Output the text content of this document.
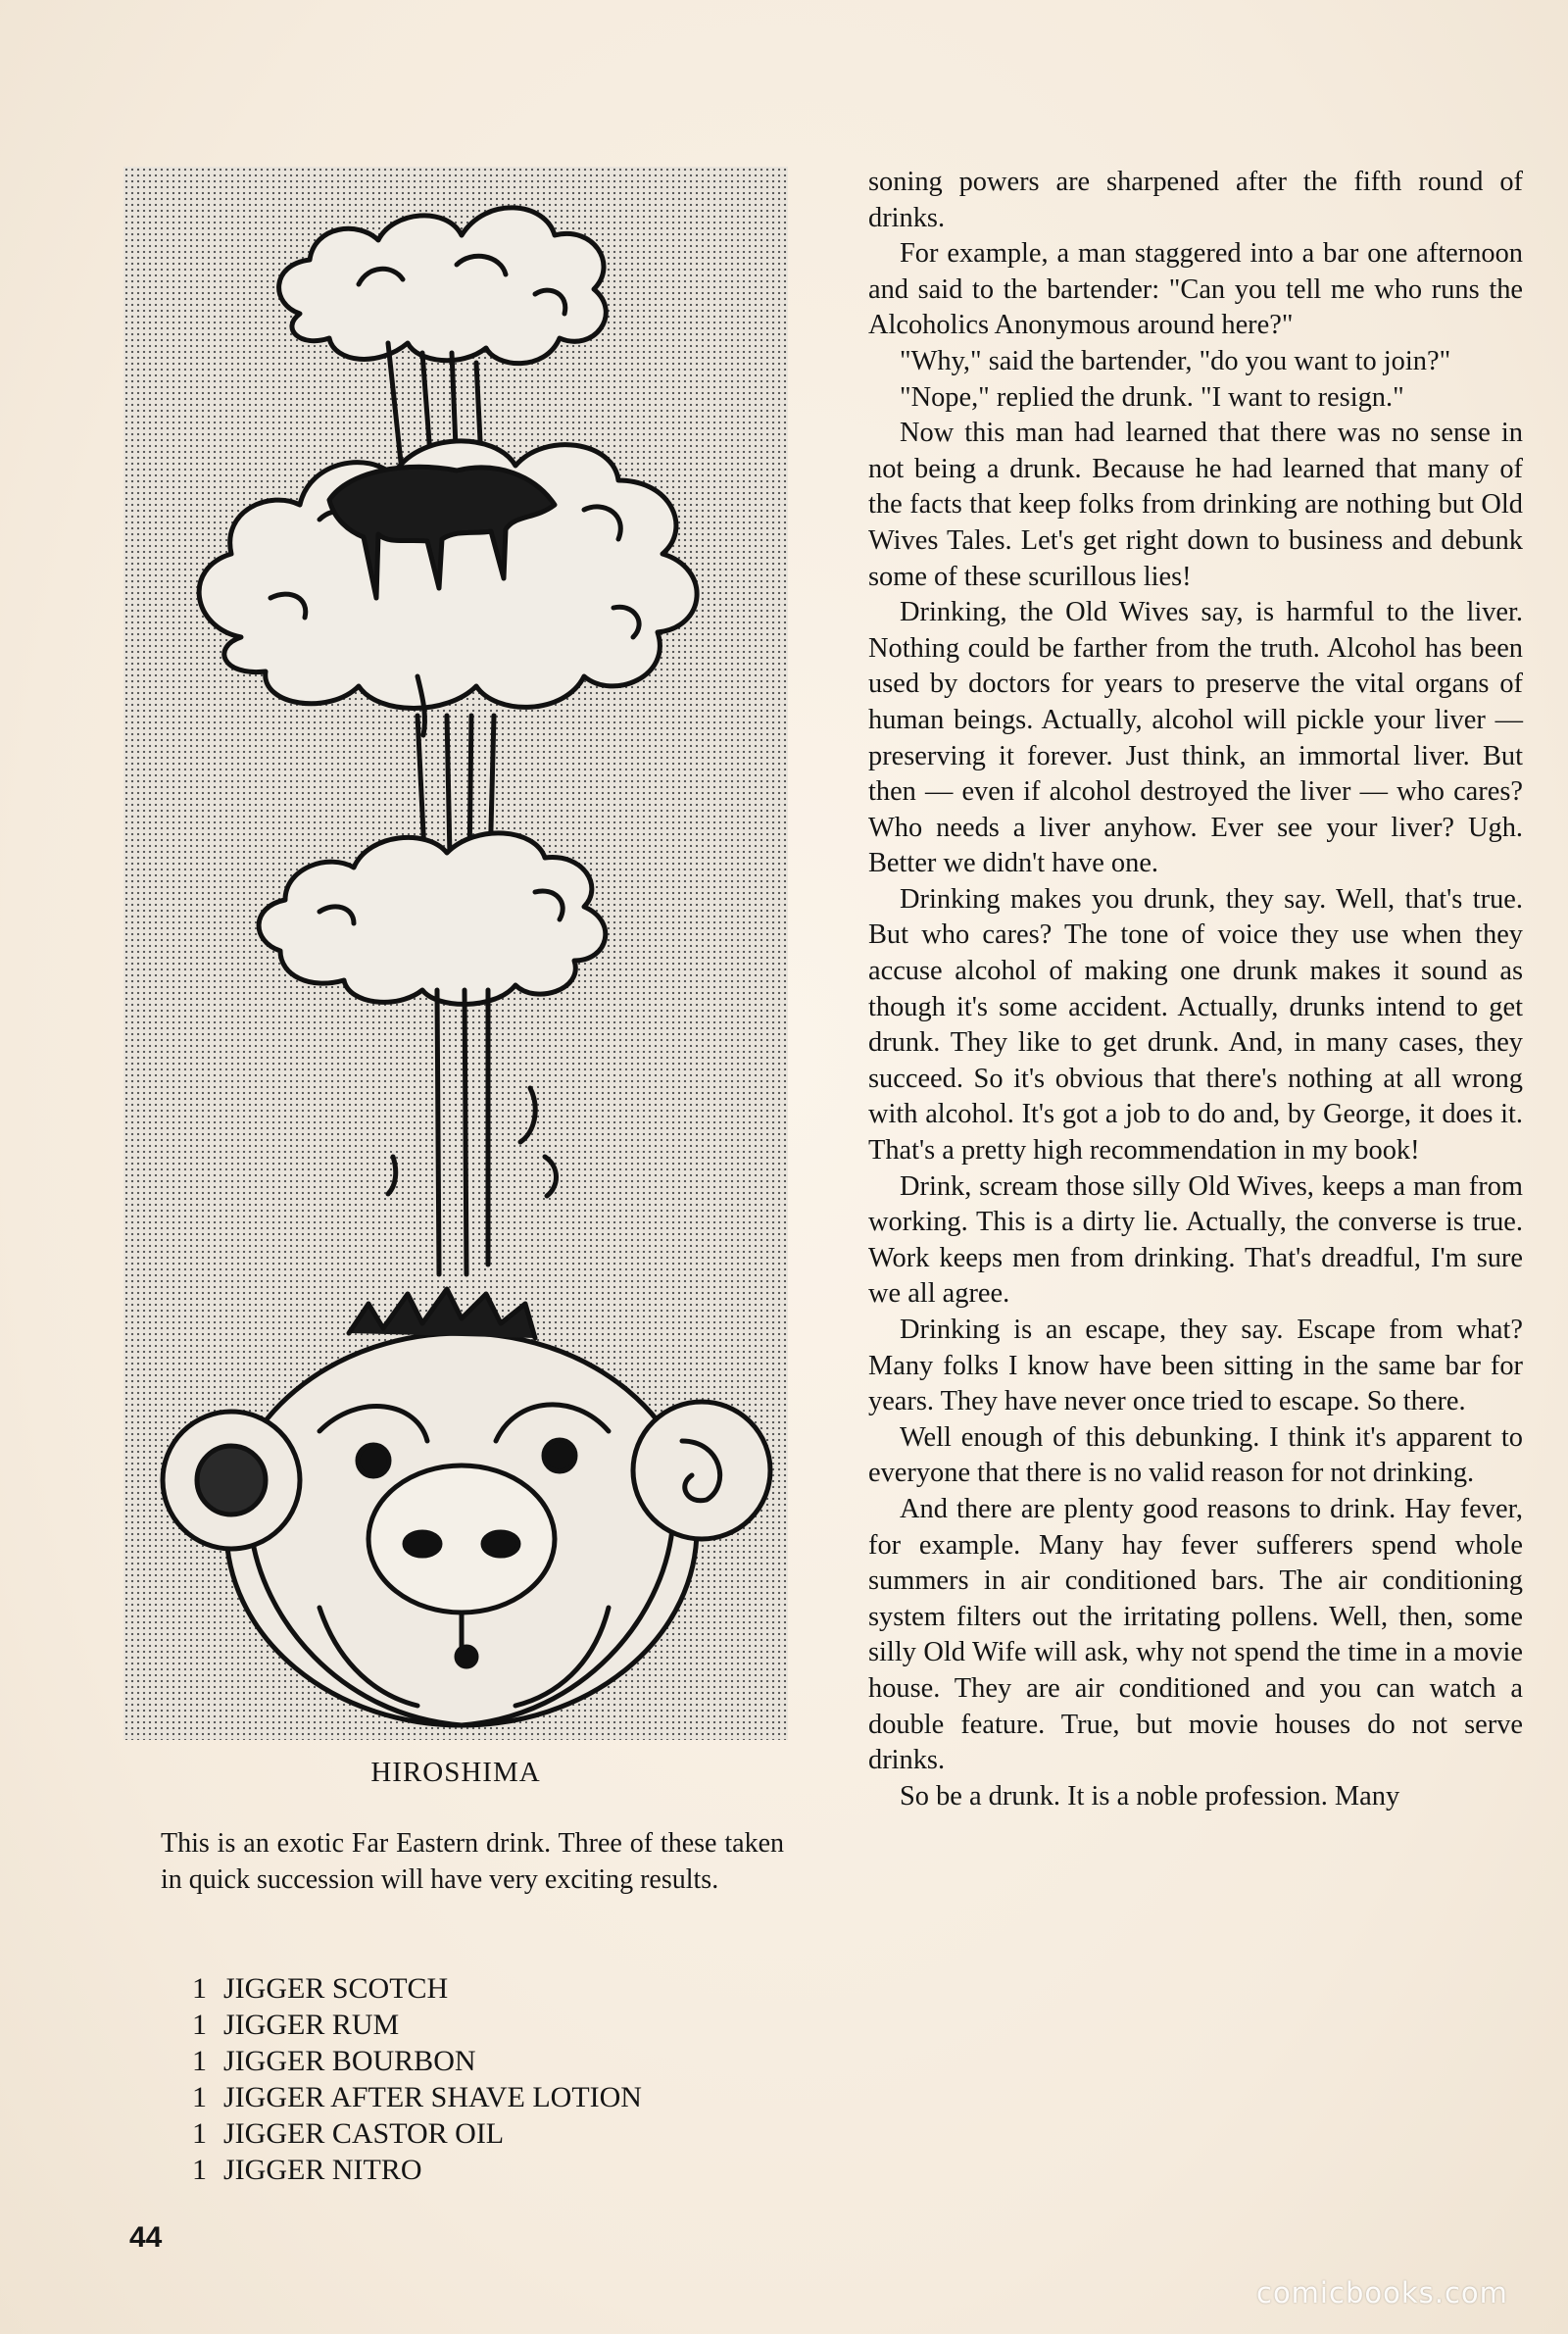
HIROSHIMA
This is an exotic Far Eastern drink. Three of these taken in quick succession will have very exciting results.
1 JIGGER SCOTCH
1 JIGGER RUM
1 JIGGER BOURBON
1 JIGGER AFTER SHAVE LOTION
1 JIGGER CASTOR OIL
1 JIGGER NITRO
44

soning powers are sharpened after the fifth round of drinks.

For example, a man staggered into a bar one afternoon and said to the bartender: "Can you tell me who runs the Alcoholics Anonymous around here?"

"Why," said the bartender, "do you want to join?"

"Nope," replied the drunk. "I want to resign."

Now this man had learned that there was no sense in not being a drunk. Because he had learned that many of the facts that keep folks from drinking are nothing but Old Wives Tales. Let's get right down to business and debunk some of these scurillous lies!

Drinking, the Old Wives say, is harmful to the liver. Nothing could be farther from the truth. Alcohol has been used by doctors for years to preserve the vital organs of human beings. Actually, alcohol will pickle your liver — preserving it forever. Just think, an immortal liver. But then — even if alcohol destroyed the liver — who cares? Who needs a liver anyhow. Ever see your liver? Ugh. Better we didn't have one.

Drinking makes you drunk, they say. Well, that's true. But who cares? The tone of voice they use when they accuse alcohol of making one drunk makes it sound as though it's some accident. Actually, drunks intend to get drunk. They like to get drunk. And, in many cases, they succeed. So it's obvious that there's nothing at all wrong with alcohol. It's got a job to do and, by George, it does it. That's a pretty high recommendation in my book!

Drink, scream those silly Old Wives, keeps a man from working. This is a dirty lie. Actually, the converse is true. Work keeps men from drinking. That's dreadful, I'm sure we all agree.

Drinking is an escape, they say. Escape from what? Many folks I know have been sitting in the same bar for years. They have never once tried to escape. So there.

Well enough of this debunking. I think it's apparent to everyone that there is no valid reason for not drinking.

And there are plenty good reasons to drink. Hay fever, for example. Many hay fever sufferers spend whole summers in air conditioned bars. The air conditioning system filters out the irritating pollens. Well, then, some silly Old Wife will ask, why not spend the time in a movie house. They are air conditioned and you can watch a double feature. True, but movie houses do not serve drinks.

So be a drunk. It is a noble profession. Many

comicbooks.com
